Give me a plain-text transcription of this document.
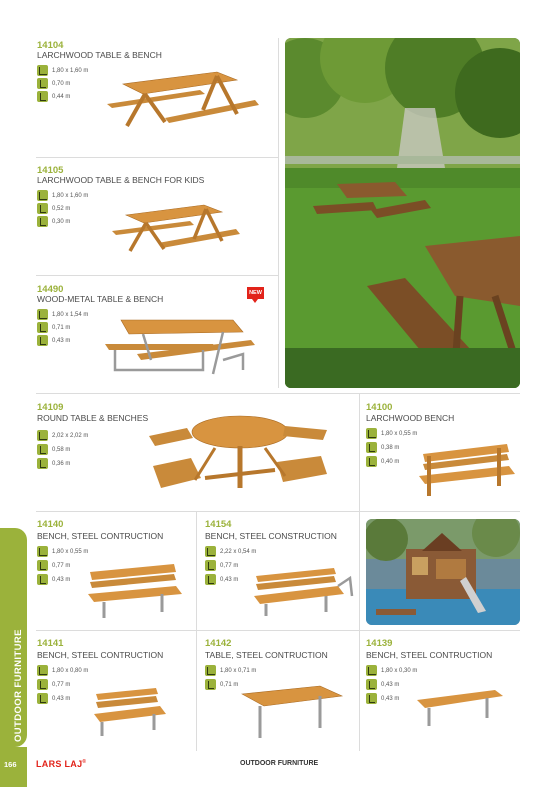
OUTDOOR FURNITURE
166
14104
LARCHWOOD TABLE & BENCH
1,80 x 1,60 m
0,70 m
0,44 m
14105
LARCHWOOD TABLE & BENCH FOR KIDS
1,80 x 1,60 m
0,52 m
0,30 m
14490
WOOD-METAL TABLE & BENCH
NEW
1,80 x 1,54 m
0,71 m
0,43 m
14109
ROUND TABLE & BENCHES
2,02 x 2,02 m
0,58 m
0,36 m
14100
LARCHWOOD BENCH
1,80 x 0,55 m
0,38 m
0,40 m
14140
BENCH, STEEL CONTRUCTION
1,80 x 0,55 m
0,77 m
0,43 m
14154
BENCH, STEEL CONSTRUCTION
2,22 x 0,54 m
0,77 m
0,43 m
14141
BENCH, STEEL CONTRUCTION
1,80 x 0,80 m
0,77 m
0,43 m
14142
TABLE, STEEL CONTRUCTION
1,80 x 0,71 m
0,71 m
14139
BENCH, STEEL CONTRUCTION
1,80 x 0,30 m
0,43 m
0,43 m
LARS LAJ®	OUTDOOR FURNITURE
